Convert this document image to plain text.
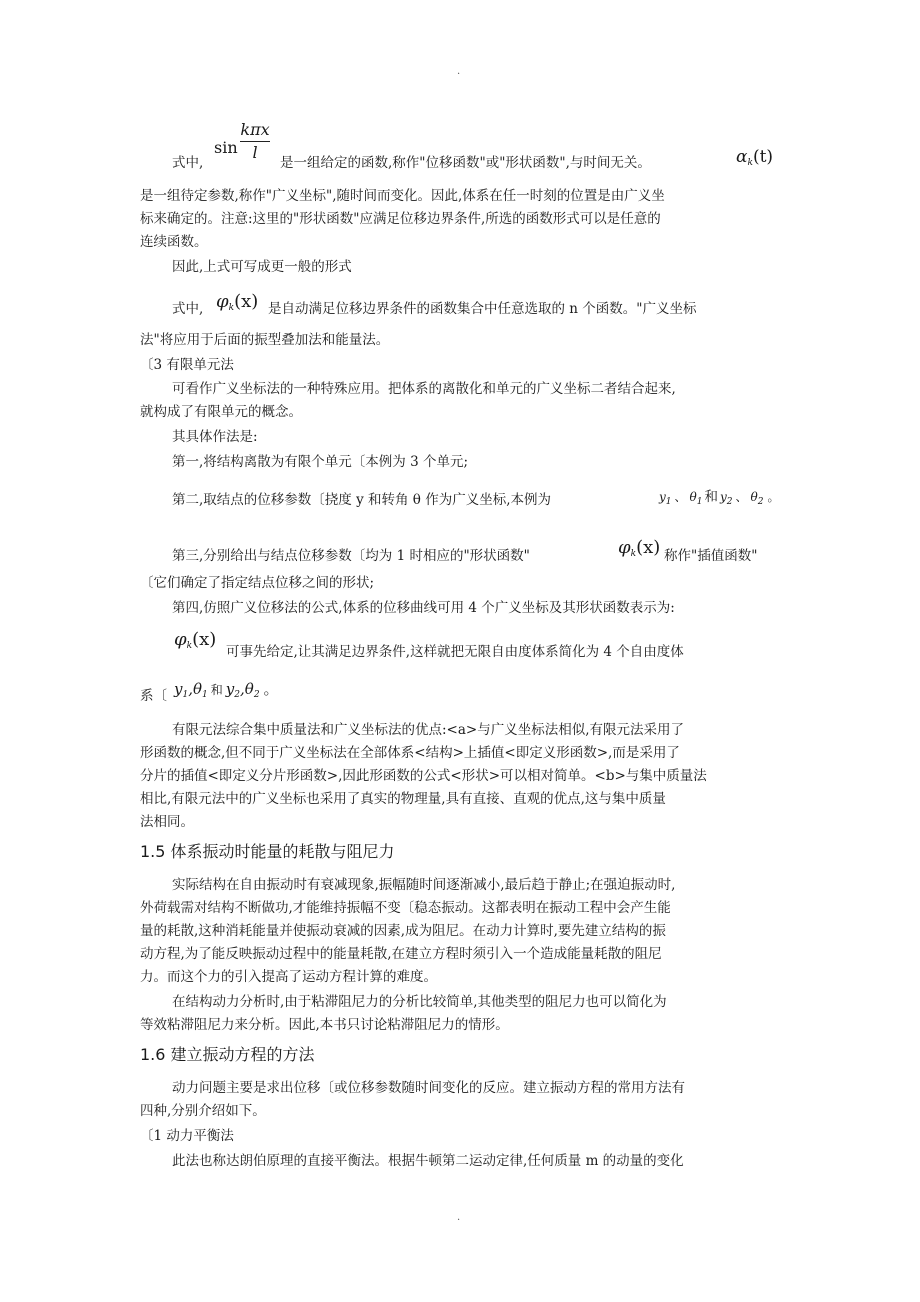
.
sin
kπx
l
式中,	是一组给定的函数,称作"位移函数"或"形状函数",与时间无关。	$\alpha_k(t)$
是一组待定参数,称作"广义坐标",随时间而变化。因此,体系在任一时刻的位置是由广义坐
标来确定的。注意:这里的"形状函数"应满足位移边界条件,所选的函数形式可以是任意的
连续函数。
因此,上式可写成更一般的形式
式中, $\varphi_k(x)$ 是自动满足位移边界条件的函数集合中任意选取的 n 个函数。"广义坐标
法"将应用于后面的振型叠加法和能量法。
〔3 有限单元法
可看作广义坐标法的一种特殊应用。把体系的离散化和单元的广义坐标二者结合起来,
就构成了有限单元的概念。
其具体作法是:
第一,将结构离散为有限个单元〔本例为 3 个单元;
第二,取结点的位移参数〔挠度 y 和转角 θ 作为广义坐标,本例为	$y_1$ 、 $\theta_1$ 和 $y_2$ 、 $\theta_2$ 。
第三,分别给出与结点位移参数〔均为 1 时相应的"形状函数"	$\varphi_k(x)$ 称作"插值函数"
〔它们确定了指定结点位移之间的形状;
第四,仿照广义位移法的公式,体系的位移曲线可用 4 个广义坐标及其形状函数表示为:
$\varphi_k(x)$
可事先给定,让其满足边界条件,这样就把无限自由度体系简化为 4 个自由度体
系〔 $y_1,\theta_1$ 和 $y_2,\theta_2$ 。
有限元法综合集中质量法和广义坐标法的优点:<a>与广义坐标法相似,有限元法采用了
形函数的概念,但不同于广义坐标法在全部体系<结构>上插值<即定义形函数>,而是采用了
分片的插值<即定义分片形函数>,因此形函数的公式<形状>可以相对简单。<b>与集中质量法
相比,有限元法中的广义坐标也采用了真实的物理量,具有直接、直观的优点,这与集中质量
法相同。
1.5 体系振动时能量的耗散与阻尼力
实际结构在自由振动时有衰减现象,振幅随时间逐渐减小,最后趋于静止;在强迫振动时,
外荷载需对结构不断做功,才能维持振幅不变〔稳态振动。这都表明在振动工程中会产生能
量的耗散,这种消耗能量并使振动衰减的因素,成为阻尼。在动力计算时,要先建立结构的振
动方程,为了能反映振动过程中的能量耗散,在建立方程时须引入一个造成能量耗散的阻尼
力。而这个力的引入提高了运动方程计算的难度。
在结构动力分析时,由于粘滞阻尼力的分析比较简单,其他类型的阻尼力也可以简化为
等效粘滞阻尼力来分析。因此,本书只讨论粘滞阻尼力的情形。
1.6 建立振动方程的方法
动力问题主要是求出位移〔或位移参数随时间变化的反应。建立振动方程的常用方法有
四种,分别介绍如下。
〔1 动力平衡法
此法也称达朗伯原理的直接平衡法。根据牛顿第二运动定律,任何质量 m 的动量的变化
.
